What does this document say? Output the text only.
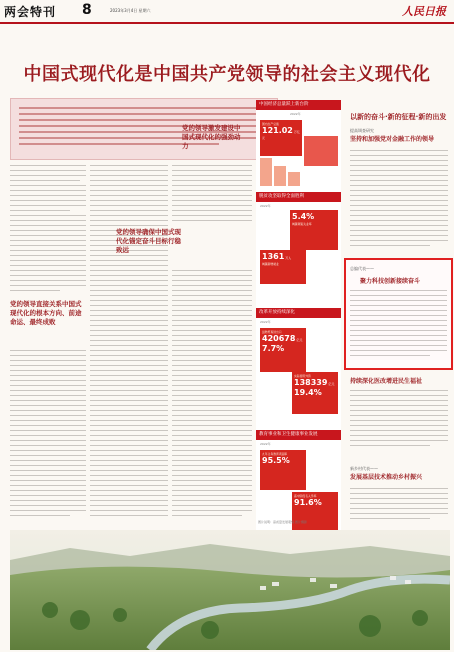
两会特刊 8	2023年3月4日 星期六	人民日报
中国式现代化是中国共产党领导的社会主义现代化
党的领导直接关系中国式现代化的根本方向、前途命运、最终成败
党的领导激发建设中国式现代化的强劲动力
党的领导确保中国式现代化锚定奋斗目标行稳致远
中国经济总量跃上新台阶
2022年
国内生产总值
121.02 万亿元
脱贫攻坚取得全面胜利
2022年
5.4%
城镇调查失业率
1361 万人
城镇新增就业
改革开放持续深化
2022年
货物贸易进出口
420678 亿元
7.7%
实际使用外资
138339 亿元
19.4%
教育事业和卫生健康事业发展
2022年
九年义务教育巩固率
95.5%
高中阶段毛入学率
91.6%
以新的奋斗·新的征程·新的出发
提高调查研究
坚持和加强党对金融工作的领导
总编代表——
聚力科技创新接续奋斗
持续深化医改增进民生福祉
新乡村代表——
发展基层技术推动乡村振兴
图片说明：高质量发展观察·图片摄影
